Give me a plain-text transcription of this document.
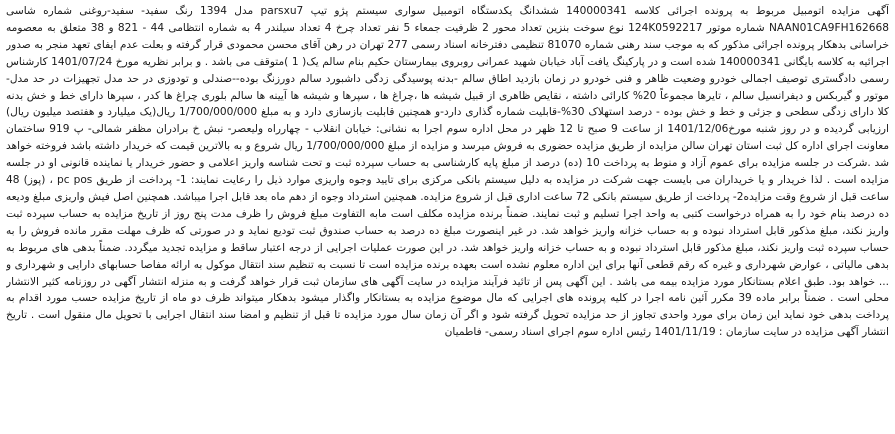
آگهی مزایده اتومبیل مربوط به پرونده اجرائی کلاسه 140000341 ششدانگ یکدستگاه اتومبیل سواری سیستم پژو تیپ parsxu7 مدل 1394 رنگ سفید- سفید-روغنی شماره شاسی NAAN01CA9FH162668 شماره موتور 124K0592217 نوع سوخت بنزین تعداد محور 2 ظرفیت جمعاء 5 نفر تعداد چرخ 4 تعداد سیلندر 4 به شماره انتظامی 44 - 821 و 38 متعلق به معصومه خراسانی بدهکار پرونده اجرائی مذکور که به موجب سند رهنی شماره 81070 تنظیمی دفترخانه اسناد رسمی 277 تهران در رهن آقای محسن محمودی قرار گرفته و بعلت عدم ایفای تعهد منجر به صدور اجرائیه به کلاسه بایگانی 140000341 شده است و در پارکینگ یافت آباد خیابان شهید عمرانی روبروی بیمارستان حکیم بنام سالم یک( 1 )متوقف می باشد . و برابر نظریه مورخ 1401/07/24 کارشناس رسمی دادگستری توصیف اجمالی خودرو وضعیت ظاهر و فنی خودرو در زمان بازدید اطاق سالم -بدنه پوسیدگی زدگی داشبورد سالم دورزنگ بوده--صندلی و تودوزی در حد مدل تجهیزات در حد مدل-موتور و گیربکس و دیفرانسیل سالم ، تایرها مجموعاً 20% کارائی داشته ، نقایص ظاهری از قبیل شیشه ها ،چراغ ها ، سپرها و شیشه ها آیینه ها سالم بلوری چراغ ها کدر ، سپرها دارای خط و خش بدنه کلا دارای زدگی سطحی و جزئی و خط و خش بوده - درصد استهلاک 30%-قابلیت شماره گذاری دارد-و همچنین قابلیت بازسازی دارد و به مبلغ 1/700/000/000 ریال(یک میلیارد و هفتصد میلیون ریال) ارزیابی گردیده و در روز شنبه مورخ1401/12/06 از ساعت 9 صبح تا 12 ظهر در محل اداره سوم اجرا به نشانی: خیابان انقلاب - چهارراه ولیعصر- نبش خ برادران مظفر شمالی- پ 919 ساختمان معاونت اجرای اداره کل ثبت استان تهران سالن مزایده از طریق مزایده حضوری به فروش میرسد و مزایده از مبلغ 1/700/000/000 ریال شروع و به بالاترین قیمت که خریدار داشته باشد فروخته خواهد شد .شرکت در جلسه مزایده برای عموم آزاد و منوط به پرداخت 10 (ده) درصد از مبلغ پایه کارشناسی به حساب سپرده ثبت و تحت شناسه واریز اعلامی و حضور خریدار یا نماینده قانونی او در جلسه مزایده است . لذا خریدار و یا خریداران می بایست جهت شرکت در مزایده به دلیل سیستم بانکی مرکزی برای تایید وجوه واریزی موارد ذیل را رعایت نمایند: 1- پرداخت از طریق pc pos ، (پوز) 48 ساعت قبل از شروع وقت مزایده2- پرداخت از طریق سیستم بانکی 72 ساعت اداری قبل از شروع مزایده. همچنین استرداد وجوه از دهم ماه بعد قابل اجرا میباشد. همچنین اصل فیش واریزی مبلغ ودیعه ده درصد بنام خود را به همراه درخواست کتبی به واحد اجرا تسلیم و ثبت نمایند. ضمناً برنده مزایده مکلف است مابه التفاوت مبلغ فروش را ظرف مدت پنج روز از تاریخ مزایده به حساب سپرده ثبت واریز نکند، مبلغ مذکور قابل استرداد نبوده و به حساب خزانه واریز خواهد شد. در غیر اینصورت مبلغ ده درصد به حساب صندوق ثبت تودیع نماید و در صورتی که ظرف مهلت مقرر مانده فروش را به حساب سپرده ثبت واریز نکند، مبلغ مذکور قابل استرداد نبوده و به حساب خزانه واریز خواهد شد. در این صورت عملیات اجرایی از درجه اعتبار ساقط و مزایده تجدید میگردد. ضمناً بدهی های مربوط به بدهی مالیاتی ، عوارض شهرداری و غیره که رقم قطعی آنها برای این اداره معلوم نشده است بعهده برنده مزایده است تا نسبت به تنظیم سند انتقال موکول به ارائه مفاصا حسابهای دارایی و شهرداری و ... خواهد بود. طبق اعلام بستانکار مورد مزایده بیمه می باشد . این آگهی پس از تائید فرآیند مزایده در سایت آگهی های سازمان ثبت قرار خواهد گرفت و به منزله انتشار آگهی در روزنامه کثیر الانتشار محلی است . ضمناً برابر ماده 39 مکرر آئین نامه اجرا در کلیه پرونده های اجرایی که مال موضوع مزایده به بستانکار واگذار میشود بدهکار میتواند ظرف دو ماه از تاریخ مزایده حسب مورد اقدام به پرداخت بدهی خود نماید این زمان برای مورد واحدی تجاوز از حد مزایده تحویل گرفته شود و اگر آن زمان سال مورد مزایده تا قبل از تنظیم و امضا سند انتقال اجرایی با تحویل مال منقول است . تاریخ انتشار آگهی مزایده در سایت سازمان : 1401/11/19 رئیس اداره سوم اجرای اسناد رسمی- فاطمیان
